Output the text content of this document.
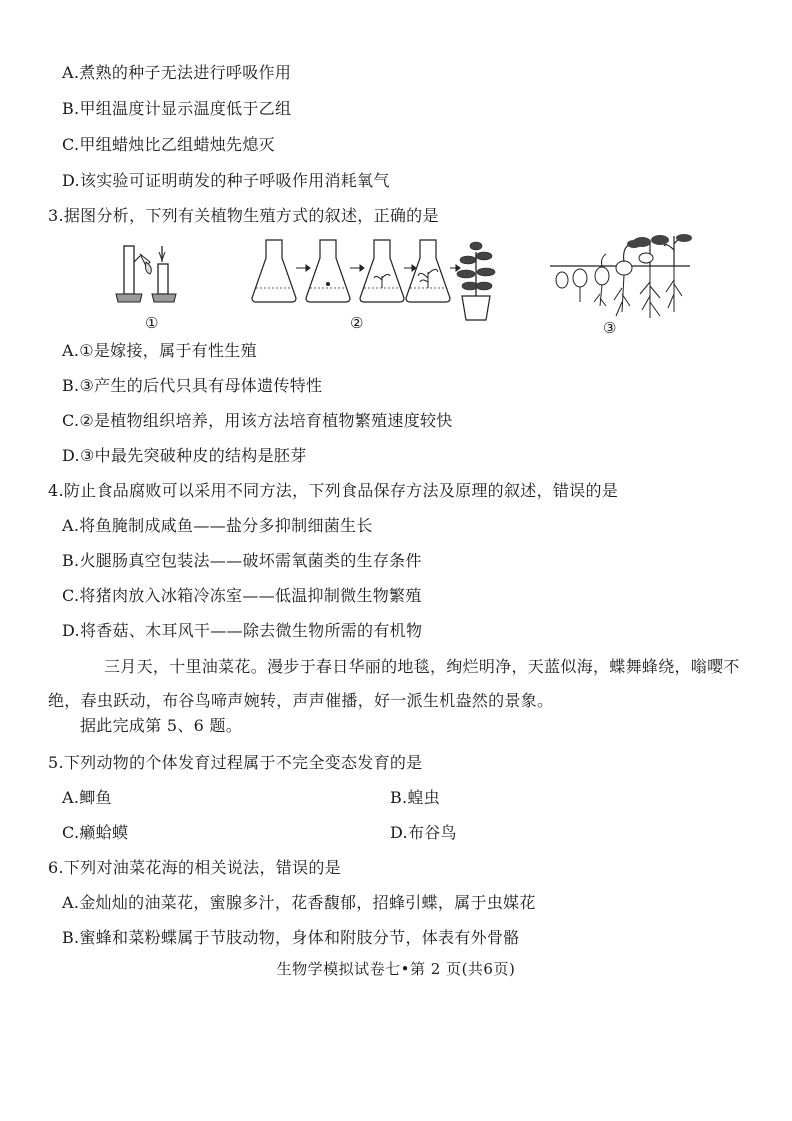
A.煮熟的种子无法进行呼吸作用
B.甲组温度计显示温度低于乙组
C.甲组蜡烛比乙组蜡烛先熄灭
D.该实验可证明萌发的种子呼吸作用消耗氧气
3.据图分析，下列有关植物生殖方式的叙述，正确的是
①	②	③
A.①是嫁接，属于有性生殖
B.③产生的后代只具有母体遗传特性
C.②是植物组织培养，用该方法培育植物繁殖速度较快
D.③中最先突破种皮的结构是胚芽
4.防止食品腐败可以采用不同方法，下列食品保存方法及原理的叙述，错误的是
A.将鱼腌制成咸鱼——盐分多抑制细菌生长
B.火腿肠真空包装法——破坏需氧菌类的生存条件
C.将猪肉放入冰箱冷冻室——低温抑制微生物繁殖
D.将香菇、木耳风干——除去微生物所需的有机物
三月天，十里油菜花。漫步于春日华丽的地毯，绚烂明净，天蓝似海，蝶舞蜂绕，嗡嘤不绝，春虫跃动，布谷鸟啼声婉转，声声催播，好一派生机盎然的景象。
据此完成第 5、6 题。
5.下列动物的个体发育过程属于不完全变态发育的是
A.鲫鱼	B.蝗虫
C.癞蛤蟆	D.布谷鸟
6.下列对油菜花海的相关说法，错误的是
A.金灿灿的油菜花，蜜腺多汁，花香馥郁，招蜂引蝶，属于虫媒花
B.蜜蜂和菜粉蝶属于节肢动物，身体和附肢分节，体表有外骨骼
生物学模拟试卷七•第 2 页(共6页)
